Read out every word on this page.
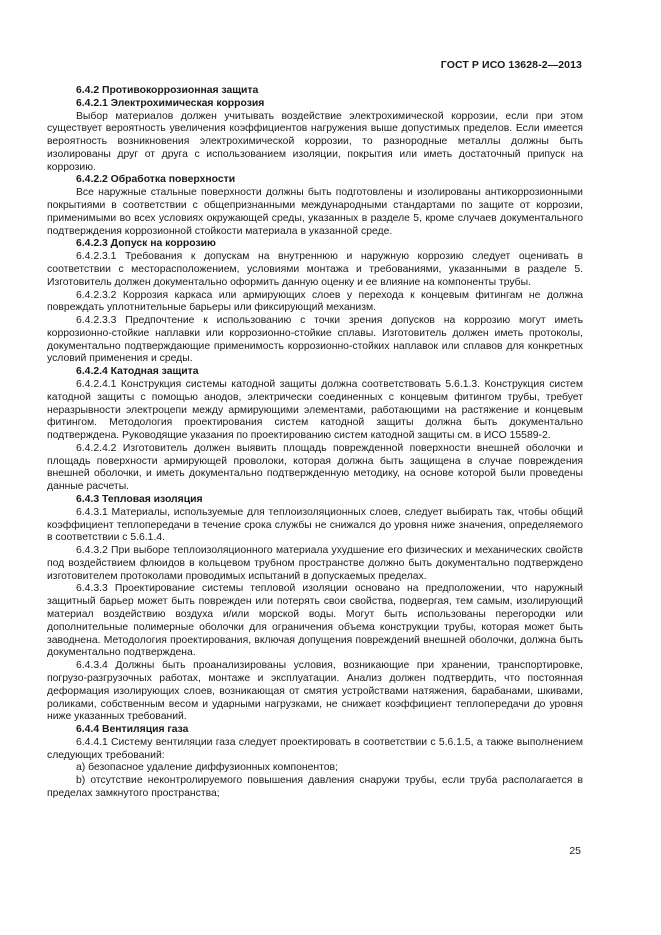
ГОСТ Р ИСО 13628-2—2013
6.4.2 Противокоррозионная защита
6.4.2.1 Электрохимическая коррозия

Выбор материалов должен учитывать воздействие электрохимической коррозии, если при этом существует вероятность увеличения коэффициентов нагружения выше допустимых пределов. Если имеется вероятность возникновения электрохимической коррозии, то разнородные металлы должны быть изолированы друг от друга с использованием изоляции, покрытия или иметь достаточный припуск на коррозию.

6.4.2.2 Обработка поверхности

Все наружные стальные поверхности должны быть подготовлены и изолированы антикоррозионными покрытиями в соответствии с общепризнанными международными стандартами по защите от коррозии, применимыми во всех условиях окружающей среды, указанных в разделе 5, кроме случаев документального подтверждения коррозионной стойкости материала в указанной среде.

6.4.2.3 Допуск на коррозию

6.4.2.3.1 Требования к допускам на внутреннюю и наружную коррозию следует оценивать в соответствии с месторасположением, условиями монтажа и требованиями, указанными в разделе 5. Изготовитель должен документально оформить данную оценку и ее влияние на компоненты трубы.

6.4.2.3.2 Коррозия каркаса или армирующих слоев у перехода к концевым фитингам не должна повреждать уплотнительные барьеры или фиксирующий механизм.

6.4.2.3.3 Предпочтение к использованию с точки зрения допусков на коррозию могут иметь коррозионно-стойкие наплавки или коррозионно-стойкие сплавы. Изготовитель должен иметь протоколы, документально подтверждающие применимость коррозионно-стойких наплавок или сплавов для конкретных условий применения и среды.

6.4.2.4 Катодная защита

6.4.2.4.1 Конструкция системы катодной защиты должна соответствовать 5.6.1.3. Конструкция систем катодной защиты с помощью анодов, электрически соединенных с концевым фитингом трубы, требует неразрывности электроцепи между армирующими элементами, работающими на растяжение и концевым фитингом. Методология проектирования систем катодной защиты должна быть документально подтверждена. Руководящие указания по проектированию систем катодной защиты см. в ИСО 15589-2.

6.4.2.4.2 Изготовитель должен выявить площадь поврежденной поверхности внешней оболочки и площадь поверхности армирующей проволоки, которая должна быть защищена в случае повреждения внешней оболочки, и иметь документально подтвержденную методику, на основе которой были проведены данные расчеты.

6.4.3 Тепловая изоляция

6.4.3.1 Материалы, используемые для теплоизоляционных слоев, следует выбирать так, чтобы общий коэффициент теплопередачи в течение срока службы не снижался до уровня ниже значения, определяемого в соответствии с 5.6.1.4.

6.4.3.2 При выборе теплоизоляционного материала ухудшение его физических и механических свойств под воздействием флюидов в кольцевом трубном пространстве должно быть документально подтверждено изготовителем протоколами проводимых испытаний в допускаемых пределах.

6.4.3.3 Проектирование системы тепловой изоляции основано на предположении, что наружный защитный барьер может быть поврежден или потерять свои свойства, подвергая, тем самым, изолирующий материал воздействию воздуха и/или морской воды. Могут быть использованы перегородки или дополнительные полимерные оболочки для ограничения объема конструкции трубы, которая может быть заводнена. Методология проектирования, включая допущения повреждений внешней оболочки, должна быть документально подтверждена.

6.4.3.4 Должны быть проанализированы условия, возникающие при хранении, транспортировке, погрузо-разгрузочных работах, монтаже и эксплуатации. Анализ должен подтвердить, что постоянная деформация изолирующих слоев, возникающая от смятия устройствами натяжения, барабанами, шкивами, роликами, собственным весом и ударными нагрузками, не снижает коэффициент теплопередачи до уровня ниже указанных требований.

6.4.4 Вентиляция газа

6.4.4.1 Систему вентиляции газа следует проектировать в соответствии с 5.6.1.5, а также выполнением следующих требований:

a) безопасное удаление диффузионных компонентов;

b) отсутствие неконтролируемого повышения давления снаружи трубы, если труба располагается в пределах замкнутого пространства;

25
